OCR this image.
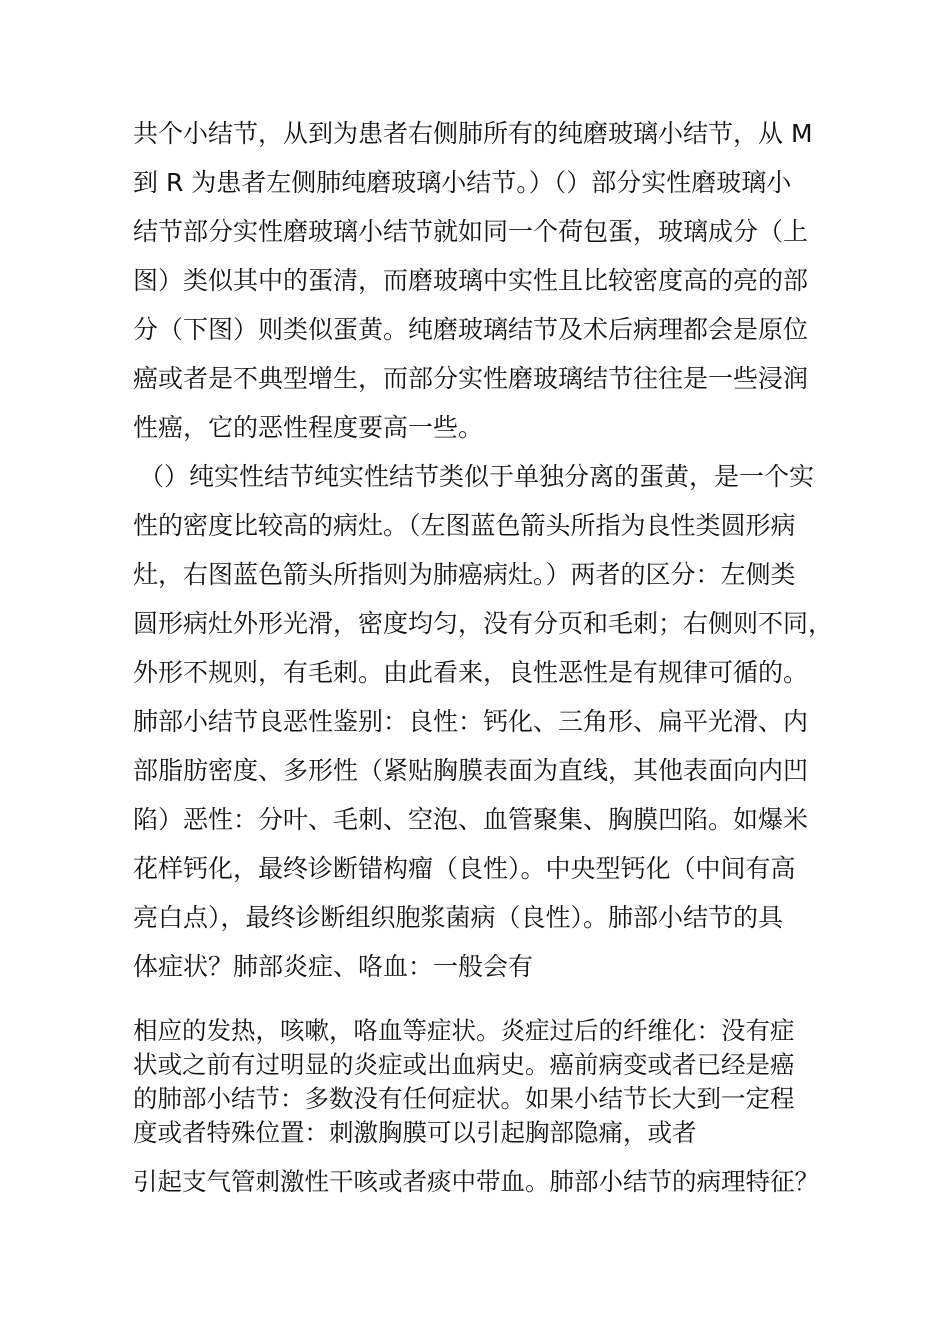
共个小结节，从到为患者右侧肺所有的纯磨玻璃小结节，从 M
到 R 为患者左侧肺纯磨玻璃小结节。）（）部分实性磨玻璃小
结节部分实性磨玻璃小结节就如同一个荷包蛋，玻璃成分（上
图）类似其中的蛋清，而磨玻璃中实性且比较密度高的亮的部
分（下图）则类似蛋黄。纯磨玻璃结节及术后病理都会是原位
癌或者是不典型增生，而部分实性磨玻璃结节往往是一些浸润
性癌，它的恶性程度要高一些。
（）纯实性结节纯实性结节类似于单独分离的蛋黄，是一个实
性的密度比较高的病灶。（左图蓝色箭头所指为良性类圆形病
灶，右图蓝色箭头所指则为肺癌病灶。）两者的区分：左侧类
圆形病灶外形光滑，密度均匀，没有分页和毛刺；右侧则不同，
外形不规则，有毛刺。由此看来，良性恶性是有规律可循的。
肺部小结节良恶性鉴别：良性：钙化、三角形、扁平光滑、内
部脂肪密度、多形性（紧贴胸膜表面为直线，其他表面向内凹
陷）恶性：分叶、毛刺、空泡、血管聚集、胸膜凹陷。如爆米
花样钙化，最终诊断错构瘤（良性）。中央型钙化（中间有高
亮白点），最终诊断组织胞浆菌病（良性）。肺部小结节的具
体症状？肺部炎症、咯血：一般会有
相应的发热，咳嗽，咯血等症状。炎症过后的纤维化：没有症
状或之前有过明显的炎症或出血病史。癌前病变或者已经是癌
的肺部小结节：多数没有任何症状。如果小结节长大到一定程
度或者特殊位置：刺激胸膜可以引起胸部隐痛，或者
引起支气管刺激性干咳或者痰中带血。肺部小结节的病理特征？
